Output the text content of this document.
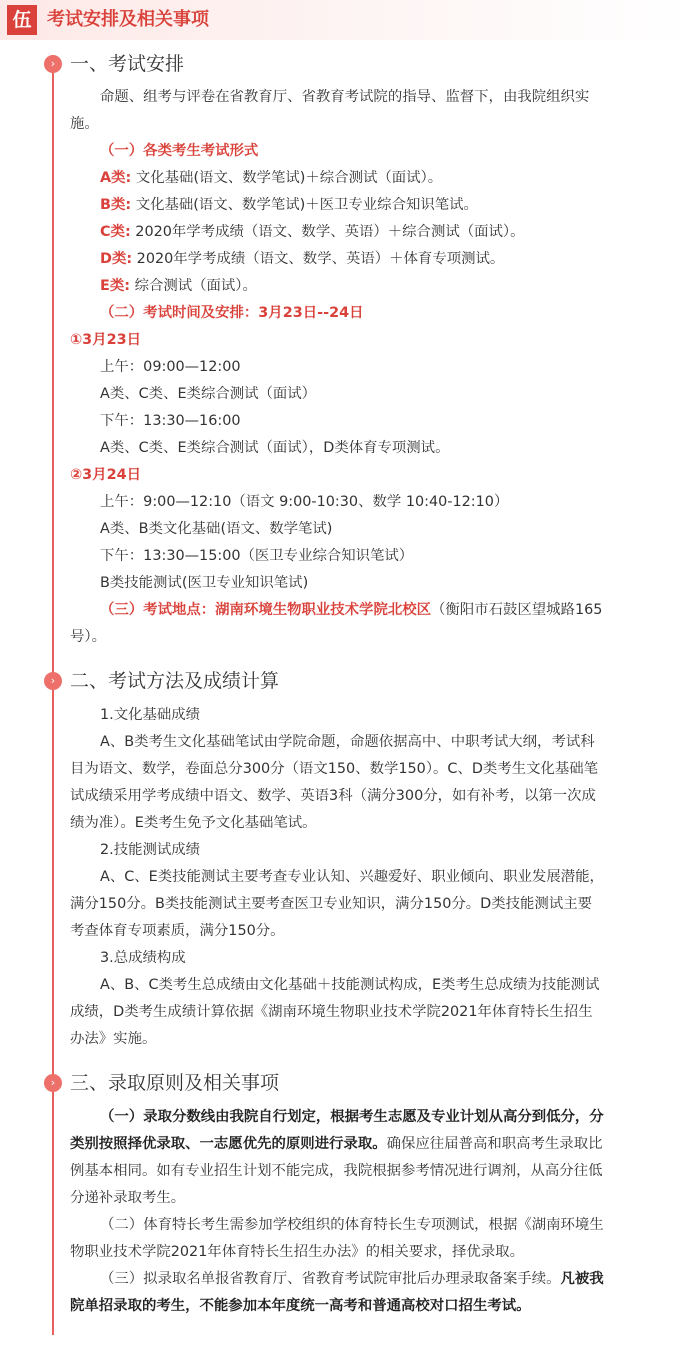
伍 考试安排及相关事项
› 一、考试安排
命题、组考与评卷在省教育厅、省教育考试院的指导、监督下，由我院组织实
施。
（一）各类考生考试形式
A类: 文化基础(语文、数学笔试)＋综合测试（面试）。
B类: 文化基础(语文、数学笔试)＋医卫专业综合知识笔试。
C类: 2020年学考成绩（语文、数学、英语）＋综合测试（面试）。
D类: 2020年学考成绩（语文、数学、英语）＋体育专项测试。
E类: 综合测试（面试）。
（二）考试时间及安排：3月23日--24日
①3月23日
上午：09:00—12:00
A类、C类、E类综合测试（面试）
下午：13:30—16:00
A类、C类、E类综合测试（面试），D类体育专项测试。
②3月24日
上午：9:00—12:10（语文 9:00-10:30、数学 10:40-12:10）
A类、B类文化基础(语文、数学笔试)
下午：13:30—15:00（医卫专业综合知识笔试）
B类技能测试(医卫专业知识笔试)
（三）考试地点：湖南环境生物职业技术学院北校区（衡阳市石鼓区望城路165
号）。
› 二、考试方法及成绩计算
1.文化基础成绩
A、B类考生文化基础笔试由学院命题，命题依据高中、中职考试大纲，考试科
目为语文、数学，卷面总分300分（语文150、数学150）。C、D类考生文化基础笔
试成绩采用学考成绩中语文、数学、英语3科（满分300分，如有补考，以第一次成
绩为准）。E类考生免予文化基础笔试。
2.技能测试成绩
A、C、E类技能测试主要考查专业认知、兴趣爱好、职业倾向、职业发展潜能，
满分150分。B类技能测试主要考查医卫专业知识，满分150分。D类技能测试主要
考查体育专项素质，满分150分。
3.总成绩构成
A、B、C类考生总成绩由文化基础＋技能测试构成，E类考生总成绩为技能测试
成绩，D类考生成绩计算依据《湖南环境生物职业技术学院2021年体育特长生招生
办法》实施。
› 三、录取原则及相关事项
（一）录取分数线由我院自行划定，根据考生志愿及专业计划从高分到低分，分
类别按照择优录取、一志愿优先的原则进行录取。确保应往届普高和职高考生录取比
例基本相同。如有专业招生计划不能完成，我院根据参考情况进行调剂，从高分往低
分递补录取考生。
（二）体育特长考生需参加学校组织的体育特长生专项测试，根据《湖南环境生
物职业技术学院2021年体育特长生招生办法》的相关要求，择优录取。
（三）拟录取名单报省教育厅、省教育考试院审批后办理录取备案手续。凡被我
院单招录取的考生，不能参加本年度统一高考和普通高校对口招生考试。
